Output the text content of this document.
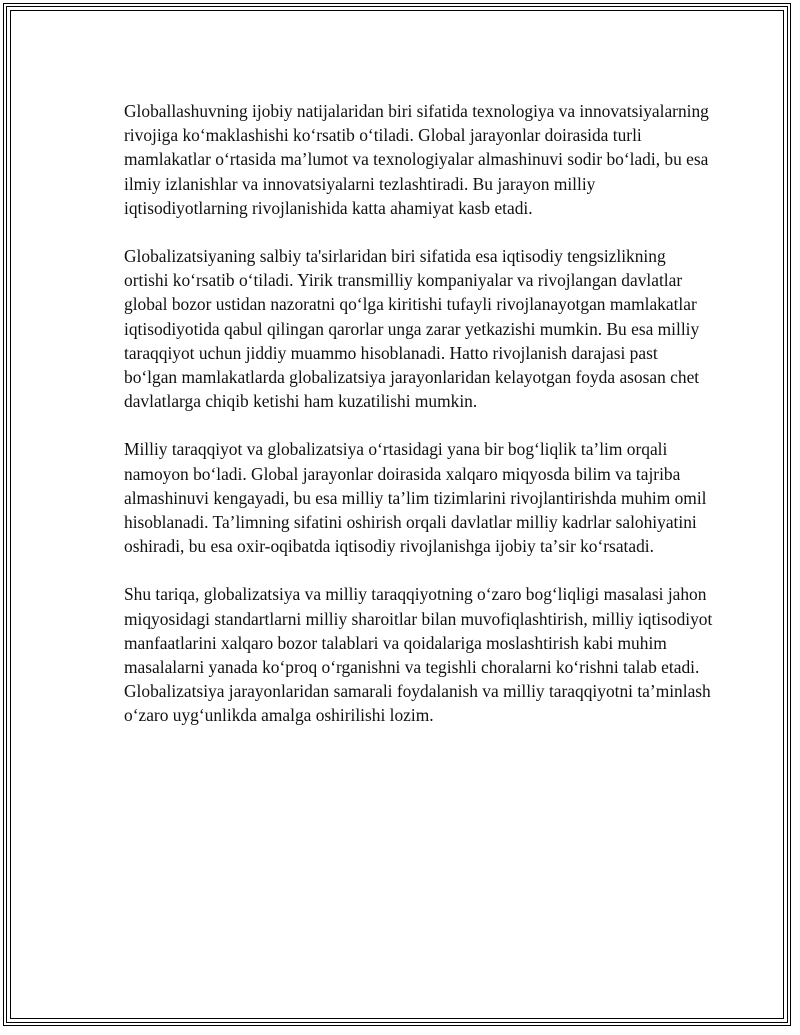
Globallashuvning ijobiy natijalaridan biri sifatida texnologiya va innovatsiyalarning rivojiga koʻmaklashishi koʻrsatib oʻtiladi. Global jarayonlar doirasida turli mamlakatlar oʻrtasida maʼlumot va texnologiyalar almashinuvi sodir boʻladi, bu esa ilmiy izlanishlar va innovatsiyalarni tezlashtiradi. Bu jarayon milliy iqtisodiyotlarning rivojlanishida katta ahamiyat kasb etadi.

Globalizatsiyaning salbiy ta'sirlaridan biri sifatida esa iqtisodiy tengsizlikning ortishi koʻrsatib oʻtiladi. Yirik transmilliy kompaniyalar va rivojlangan davlatlar global bozor ustidan nazoratni qoʻlga kiritishi tufayli rivojlanayotgan mamlakatlar iqtisodiyotida qabul qilingan qarorlar unga zarar yetkazishi mumkin. Bu esa milliy taraqqiyot uchun jiddiy muammo hisoblanadi. Hatto rivojlanish darajasi past boʻlgan mamlakatlarda globalizatsiya jarayonlaridan kelayotgan foyda asosan chet davlatlarga chiqib ketishi ham kuzatilishi mumkin.

Milliy taraqqiyot va globalizatsiya oʻrtasidagi yana bir bogʻliqlik taʼlim orqali namoyon boʻladi. Global jarayonlar doirasida xalqaro miqyosda bilim va tajriba almashinuvi kengayadi, bu esa milliy taʼlim tizimlarini rivojlantirishda muhim omil hisoblanadi. Taʼlimning sifatini oshirish orqali davlatlar milliy kadrlar salohiyatini oshiradi, bu esa oxir-oqibatda iqtisodiy rivojlanishga ijobiy taʼsir koʻrsatadi.

Shu tariqa, globalizatsiya va milliy taraqqiyotning oʻzaro bogʻliqligi masalasi jahon miqyosidagi standartlarni milliy sharoitlar bilan muvofiqlashtirish, milliy iqtisodiyot manfaatlarini xalqaro bozor talablari va qoidalariga moslashtirish kabi muhim masalalarni yanada koʻproq oʻrganishni va tegishli choralarni koʻrishni talab etadi. Globalizatsiya jarayonlaridan samarali foydalanish va milliy taraqqiyotni taʼminlash oʻzaro uygʻunlikda amalga oshirilishi lozim.
